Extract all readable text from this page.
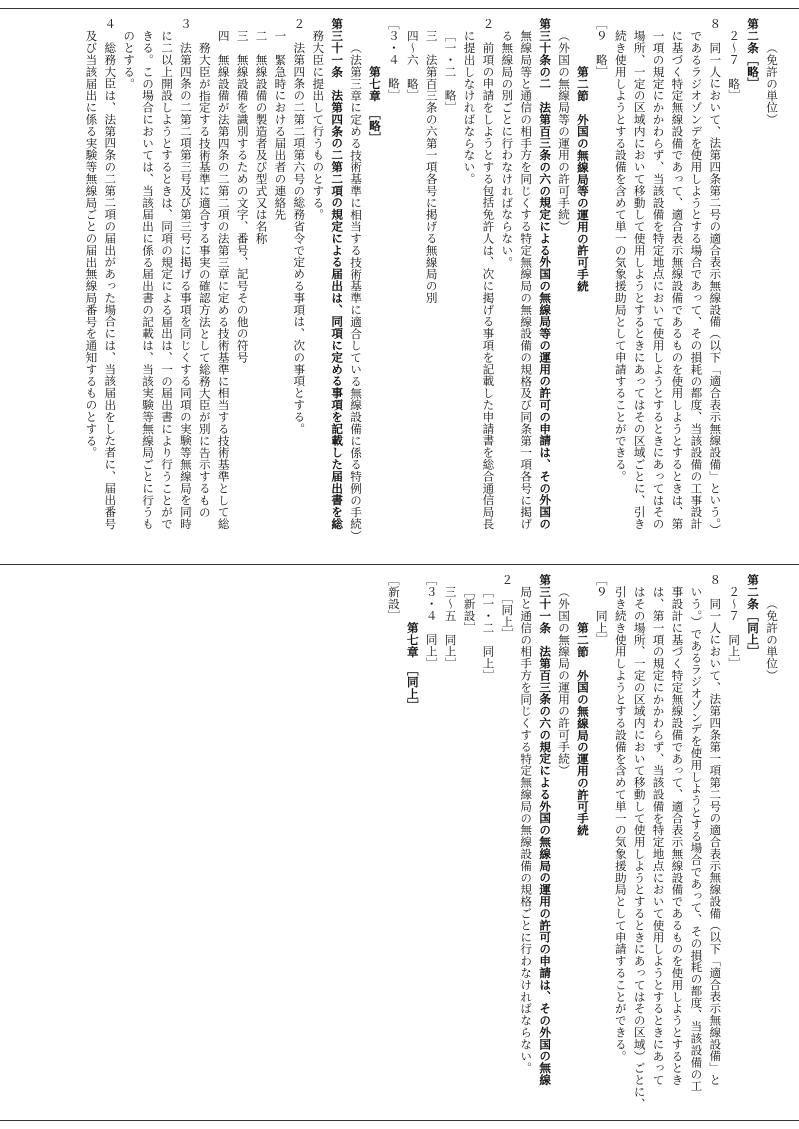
（免許の単位）
第二条［略］
２〜７　略］
８　同一人において、法第四条第二号の適合表示無線設備（以下「適合表示無線設備」という。）
であるラジオゾンデを使用しようとする場合であって、その損耗の都度、当該設備の工事設計
に基づく特定無線設備であって、適合表示無線設備であるものを使用しようとするときは、第
一項の規定にかかわらず、当該設備を特定地点において使用しようとするときにあってはその
場所、一定の区域内において移動して使用しようとするときにあってはその区域ごとに、引き
続き使用しようとする設備を含めて単一の気象援助局として申請することができる。
［９　略］
第二節　外国の無線局等の運用の許可手続
（外国の無線局等の運用の許可手続）
第三十条の二　法第百三条の六の規定による外国の無線局等の運用の許可の申請は、その外国の
無線局等と通信の相手方を同じくする特定無線局の無線設備の規格及び同条第一項各号に掲げ
る無線局の別ごとに行わなければならない。
２　前項の申請をしようとする包括免許人は、次に掲げる事項を記載した申請書を総合通信局長
に提出しなければならない。
［一・二　略］
三　法第百三条の六第一項各号に掲げる無線局の別
四〜六　略］
［３・４　略］
第七章　［略］
（法第三章に定める技術基準に相当する技術基準に適合している無線設備に係る特例の手続）
第三十一条　法第四条の二第二項の規定による届出は、同項に定める事項を記載した届出書を総
務大臣に提出して行うものとする。
２　法第四条の二第二項第六号の総務省令で定める事項は、次の事項とする。
一　緊急時における届出者の連絡先
二　無線設備の製造者及び型式又は名称
三　無線設備を識別するための文字、番号、記号その他の符号
四　無線設備が法第四条の二第二項の法第三章に定める技術基準に相当する技術基準として総
務大臣が指定する技術基準に適合する事実の確認方法として総務大臣が別に告示するもの
３　法第四条の二第二項第三号及び第三号に掲げる事項を同じくする同項の実験等無線局を同時
に二以上開設しようとするときは、同項の規定による届出は、一の届出書により行うことがで
きる。この場合においては、当該届出に係る届出書の記載は、当該実験等無線局ごとに行うも
のとする。
４　総務大臣は、法第四条の二第二項の届出があった場合には、当該届出をした者に、届出番号
及び当該届出に係る実験等無線局ごとの届出無線局番号を通知するものとする。
（免許の単位）
第二条［同上］
２〜７　同上］
８　同一人において、法第四条第一項第二号の適合表示無線設備（以下「適合表示無線設備」と
いう。）であるラジオゾンデを使用しようとする場合であって、その損耗の都度、当該設備の工
事設計に基づく特定無線設備であって、適合表示無線設備であるものを使用しようとするとき
は、第一項の規定にかかわらず、当該設備を特定地点において使用しようとするときにあって
はその場所、一定の区域内において移動して使用しようとするときにあってはその区域）ごとに、
引き続き使用しようとする設備を含めて単一の気象援助局として申請することができる。
［９　同上］
第二節　外国の無線局の運用の許可手続
（外国の無線局の運用の許可手続）
第三十一条　法第百三条の六の規定による外国の無線局の運用の許可の申請は、その外国の無線
局と通信の相手方を同じくする特定無線局の無線設備の規格ごとに行わなければならない。
２　［同上］
［一・二　同上］
［新設］
三〜五　同上］
［３・４　同上］
第七章　［同上］
［新設］
